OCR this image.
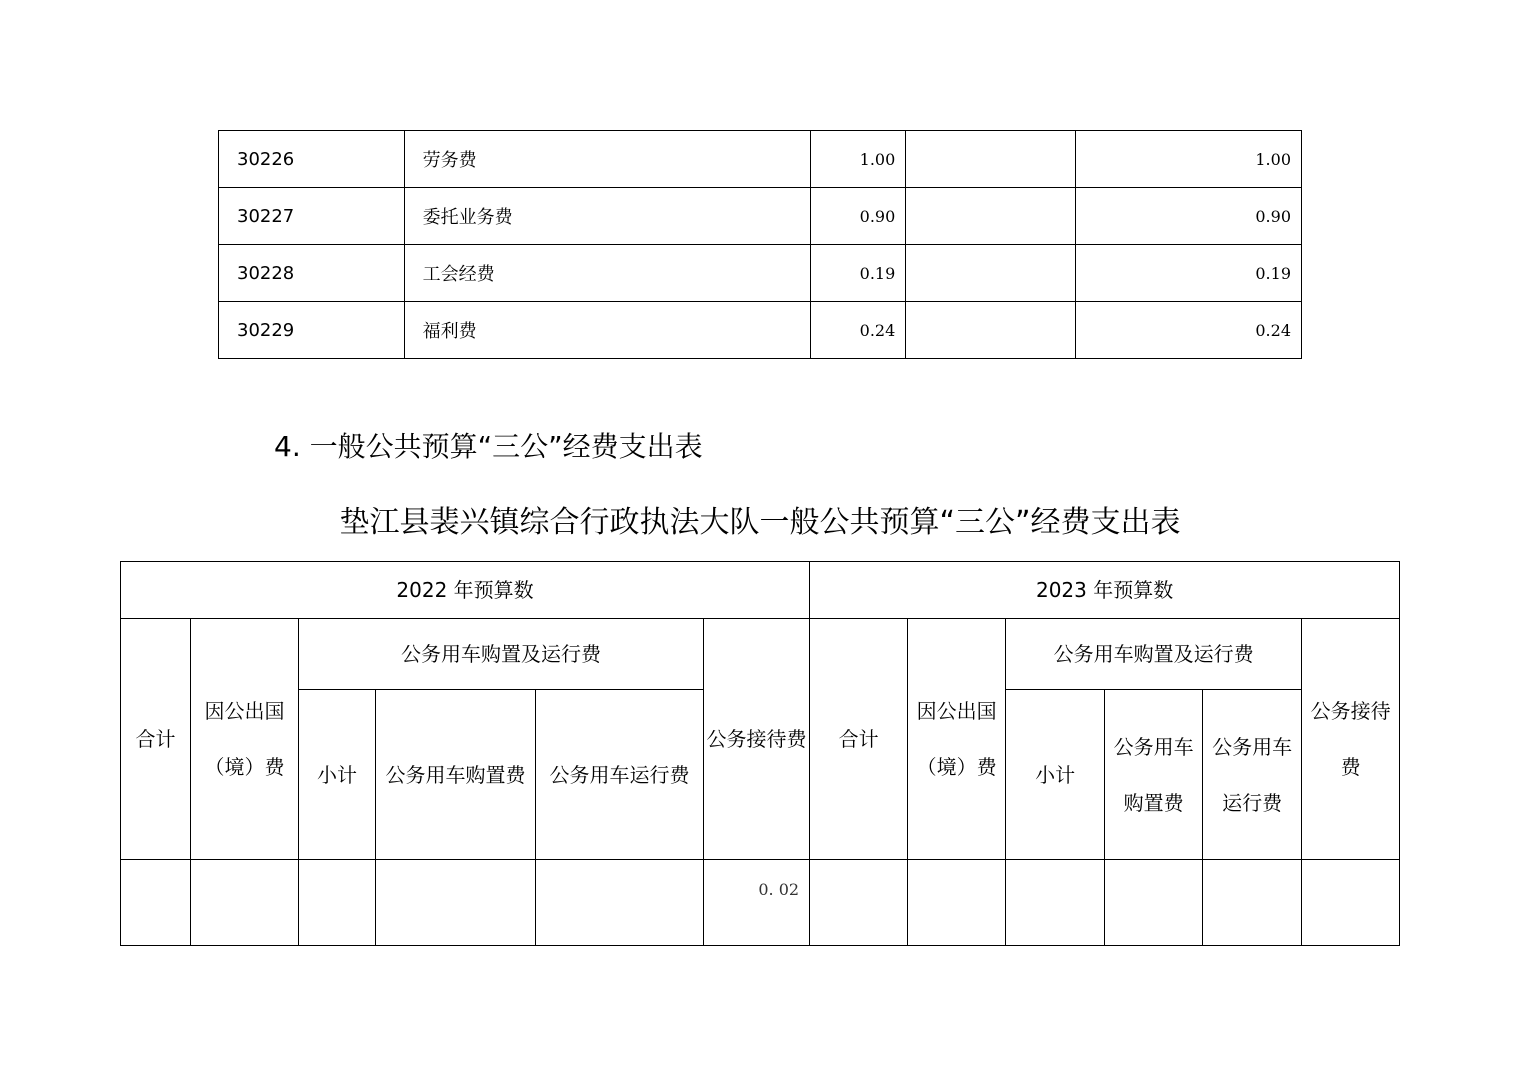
30226	劳务费	1.00		1.00
30227	委托业务费	0.90		0.90
30228	工会经费	0.19		0.19
30229	福利费	0.24		0.24
4. 一般公共预算“三公”经费支出表
垫江县裴兴镇综合行政执法大队一般公共预算“三公”经费支出表
2022 年预算数						2023 年预算数					
合计	因公出国（境）费	公务用车购置及运行费			公务接待费	合计	因公出国（境）费	公务用车购置及运行费			公务接待费
		小计	公务用车购置费	公务用车运行费				小计	公务用车购置费	公务用车运行费	
					0. 02						
